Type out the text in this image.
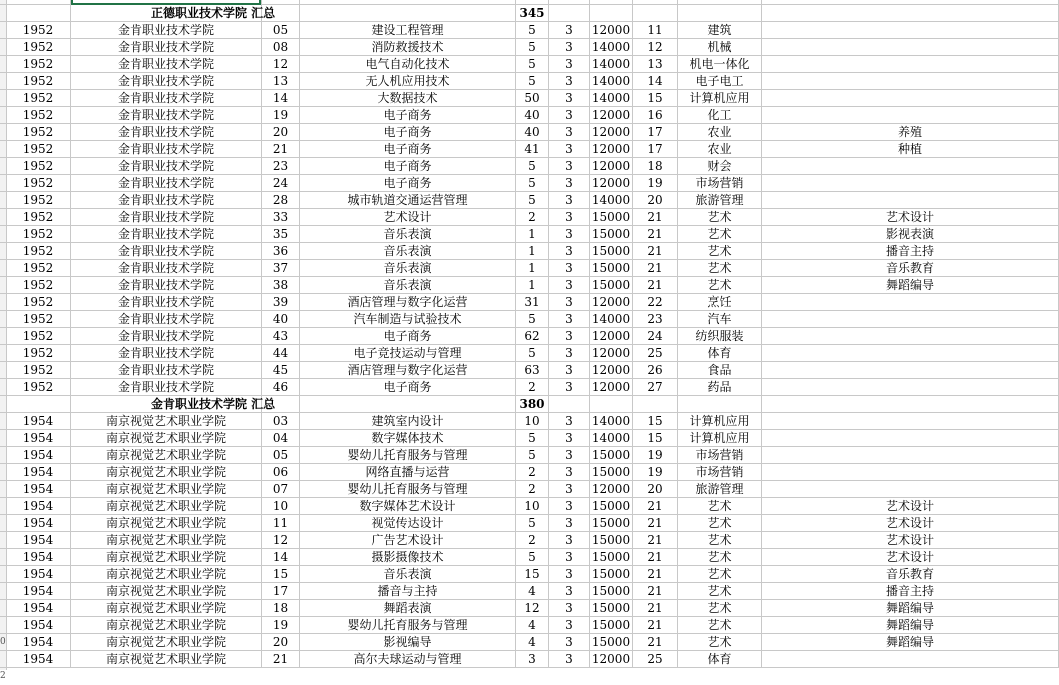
正德职业技术学院 汇总	345
1952	金肯职业技术学院	05	建设工程管理	5	3	12000	11	建筑
1952	金肯职业技术学院	08	消防救援技术	5	3	14000	12	机械
1952	金肯职业技术学院	12	电气自动化技术	5	3	14000	13	机电一体化
1952	金肯职业技术学院	13	无人机应用技术	5	3	14000	14	电子电工
1952	金肯职业技术学院	14	大数据技术	50	3	14000	15	计算机应用
1952	金肯职业技术学院	19	电子商务	40	3	12000	16	化工
1952	金肯职业技术学院	20	电子商务	40	3	12000	17	农业	养殖
1952	金肯职业技术学院	21	电子商务	41	3	12000	17	农业	种植
1952	金肯职业技术学院	23	电子商务	5	3	12000	18	财会
1952	金肯职业技术学院	24	电子商务	5	3	12000	19	市场营销
1952	金肯职业技术学院	28	城市轨道交通运营管理	5	3	14000	20	旅游管理
1952	金肯职业技术学院	33	艺术设计	2	3	15000	21	艺术	艺术设计
1952	金肯职业技术学院	35	音乐表演	1	3	15000	21	艺术	影视表演
1952	金肯职业技术学院	36	音乐表演	1	3	15000	21	艺术	播音主持
1952	金肯职业技术学院	37	音乐表演	1	3	15000	21	艺术	音乐教育
1952	金肯职业技术学院	38	音乐表演	1	3	15000	21	艺术	舞蹈编导
1952	金肯职业技术学院	39	酒店管理与数字化运营	31	3	12000	22	烹饪
1952	金肯职业技术学院	40	汽车制造与试验技术	5	3	14000	23	汽车
1952	金肯职业技术学院	43	电子商务	62	3	12000	24	纺织服装
1952	金肯职业技术学院	44	电子竞技运动与管理	5	3	12000	25	体育
1952	金肯职业技术学院	45	酒店管理与数字化运营	63	3	12000	26	食品
1952	金肯职业技术学院	46	电子商务	2	3	12000	27	药品
金肯职业技术学院 汇总	380
1954	南京视觉艺术职业学院	03	建筑室内设计	10	3	14000	15	计算机应用
1954	南京视觉艺术职业学院	04	数字媒体技术	5	3	14000	15	计算机应用
1954	南京视觉艺术职业学院	05	婴幼儿托育服务与管理	5	3	15000	19	市场营销
1954	南京视觉艺术职业学院	06	网络直播与运营	2	3	15000	19	市场营销
1954	南京视觉艺术职业学院	07	婴幼儿托育服务与管理	2	3	12000	20	旅游管理
1954	南京视觉艺术职业学院	10	数字媒体艺术设计	10	3	15000	21	艺术	艺术设计
1954	南京视觉艺术职业学院	11	视觉传达设计	5	3	15000	21	艺术	艺术设计
1954	南京视觉艺术职业学院	12	广告艺术设计	2	3	15000	21	艺术	艺术设计
1954	南京视觉艺术职业学院	14	摄影摄像技术	5	3	15000	21	艺术	艺术设计
1954	南京视觉艺术职业学院	15	音乐表演	15	3	15000	21	艺术	音乐教育
1954	南京视觉艺术职业学院	17	播音与主持	4	3	15000	21	艺术	播音主持
1954	南京视觉艺术职业学院	18	舞蹈表演	12	3	15000	21	艺术	舞蹈编导
1954	南京视觉艺术职业学院	19	婴幼儿托育服务与管理	4	3	15000	21	艺术	舞蹈编导
1954	南京视觉艺术职业学院	20	影视编导	4	3	15000	21	艺术	舞蹈编导
1954	南京视觉艺术职业学院	21	高尔夫球运动与管理	3	3	12000	25	体育
0
2
